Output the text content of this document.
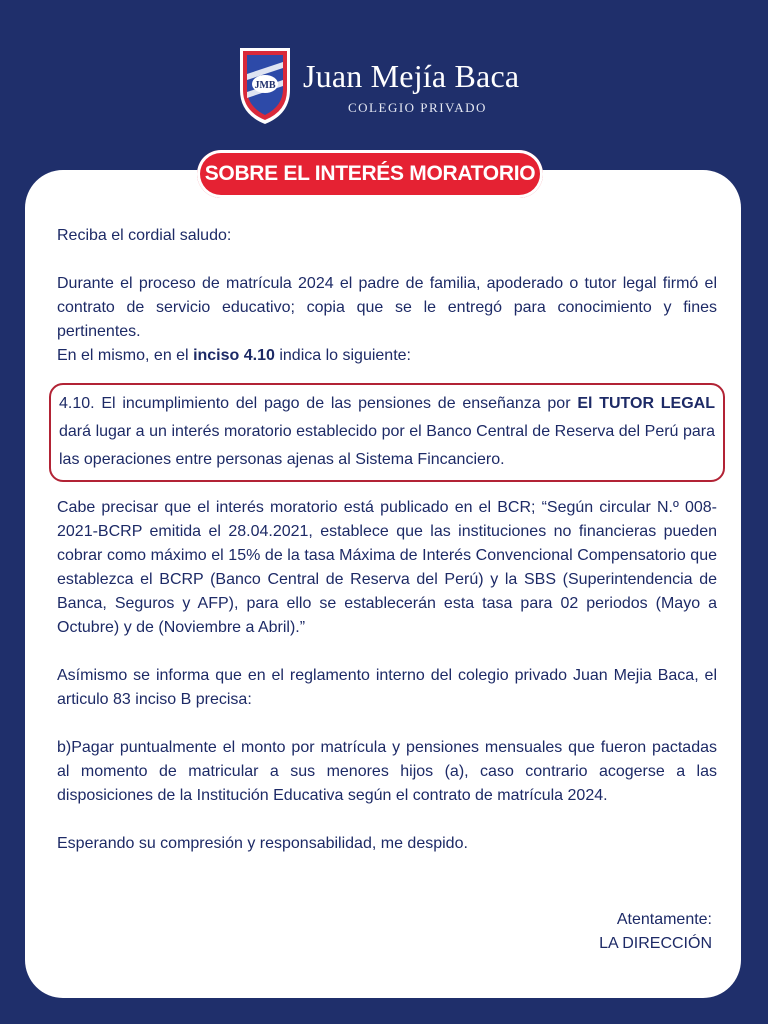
JMB Juan Mejía Baca
COLEGIO PRIVADO
SOBRE EL INTERÉS MORATORIO

Reciba el cordial saludo:

Durante el proceso de matrícula 2024 el padre de familia, apoderado o tutor legal firmó el contrato de servicio educativo; copia que se le entregó para conocimiento y fines pertinentes.

En el mismo, en el inciso 4.10 indica lo siguiente:

4.10. El incumplimiento del pago de las pensiones de enseñanza por El TUTOR LEGAL dará lugar a un interés moratorio establecido por el Banco Central de Reserva del Perú para las operaciones entre personas ajenas al Sistema Fincanciero.

Cabe precisar que el interés moratorio está publicado en el BCR; “Según circular N.º 008-2021-BCRP emitida el 28.04.2021, establece que las instituciones no financieras pueden cobrar como máximo el 15% de la tasa Máxima de Interés Convencional Compensatorio que establezca el BCRP (Banco Central de Reserva del Perú) y la SBS (Superintendencia de Banca, Seguros y AFP), para ello se establecerán esta tasa para 02 periodos (Mayo a Octubre) y de (Noviembre a Abril).”

Asímismo se informa que en el reglamento interno del colegio privado Juan Mejia Baca, el articulo 83 inciso B precisa:

b)Pagar puntualmente el monto por matrícula y pensiones mensuales que fueron pactadas al momento de matricular a sus menores hijos (a), caso contrario acogerse a las disposiciones de la Institución Educativa según el contrato de matrícula 2024.

Esperando su compresión y responsabilidad, me despido.

Atentamente:
LA DIRECCIÓN
